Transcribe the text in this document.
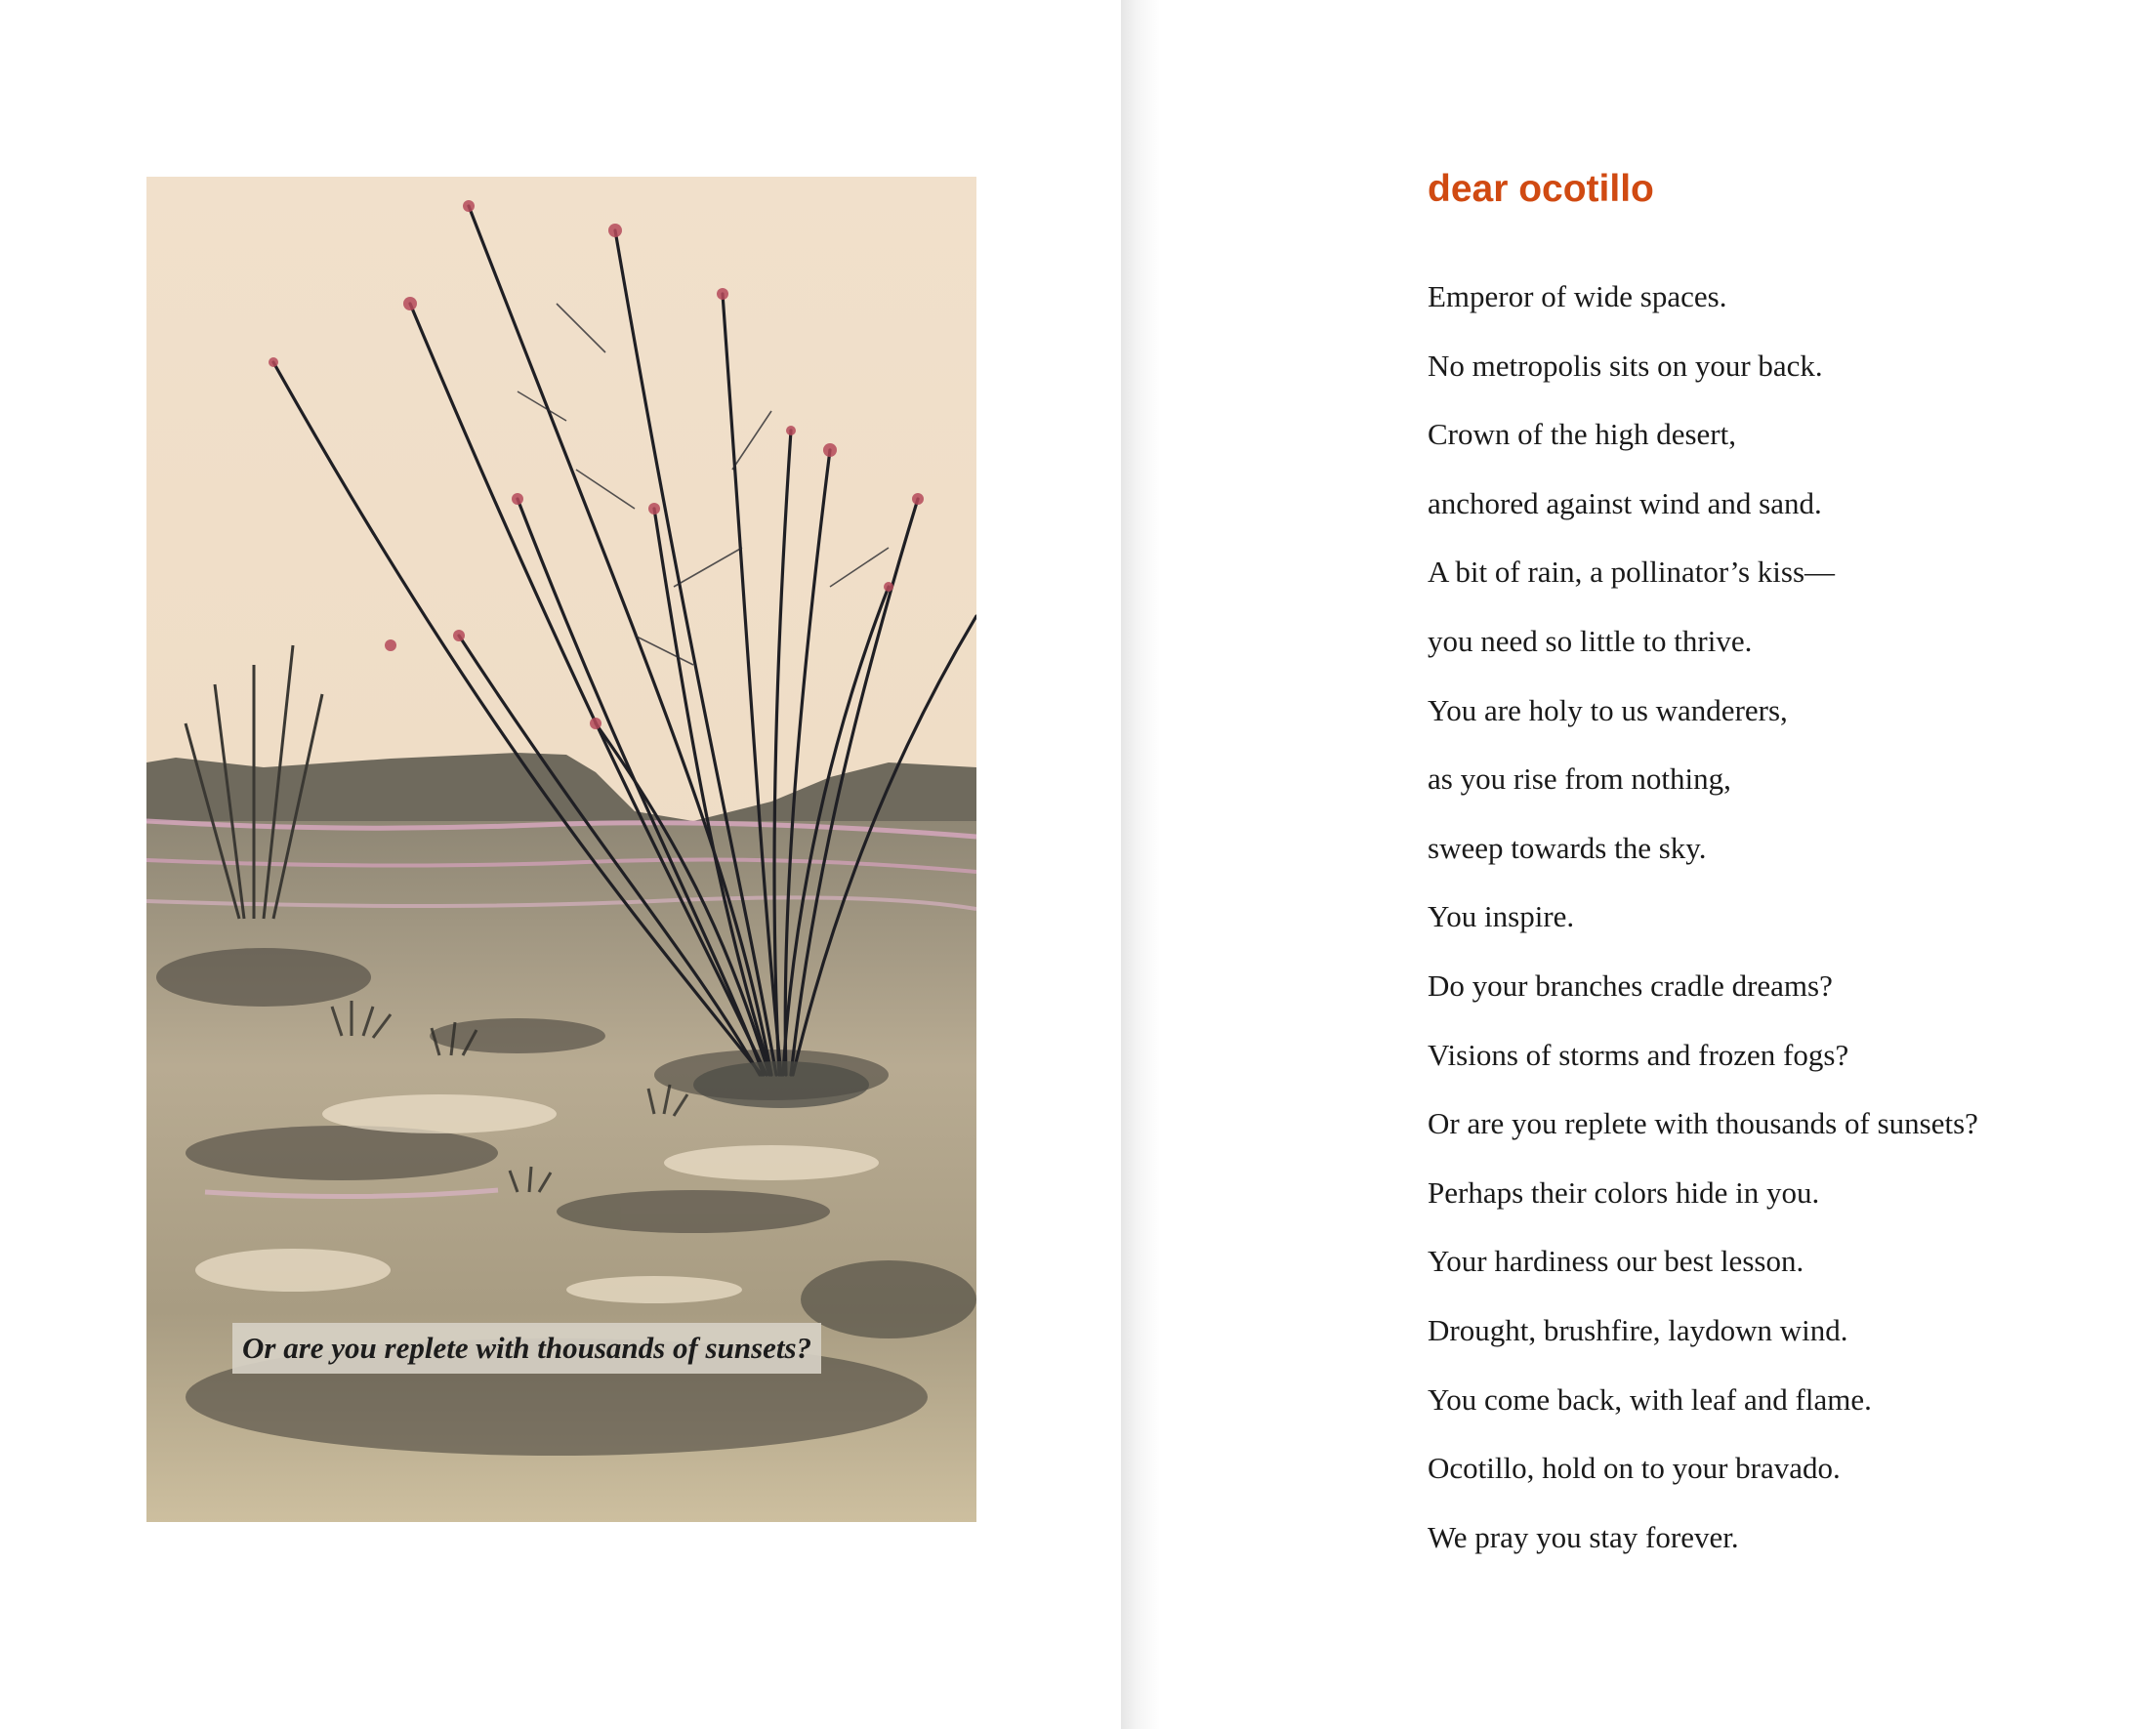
Or are you replete with thousands of sunsets?
dear ocotillo
Emperor of wide spaces.
No metropolis sits on your back.
Crown of the high desert,
anchored against wind and sand.
A bit of rain, a pollinator’s kiss—
you need so little to thrive.
You are holy to us wanderers,
as you rise from nothing,
sweep towards the sky.
You inspire.
Do your branches cradle dreams?
Visions of storms and frozen fogs?
Or are you replete with thousands of sunsets?
Perhaps their colors hide in you.
Your hardiness our best lesson.
Drought, brushfire, laydown wind.
You come back, with leaf and flame.
Ocotillo, hold on to your bravado.
We pray you stay forever.
